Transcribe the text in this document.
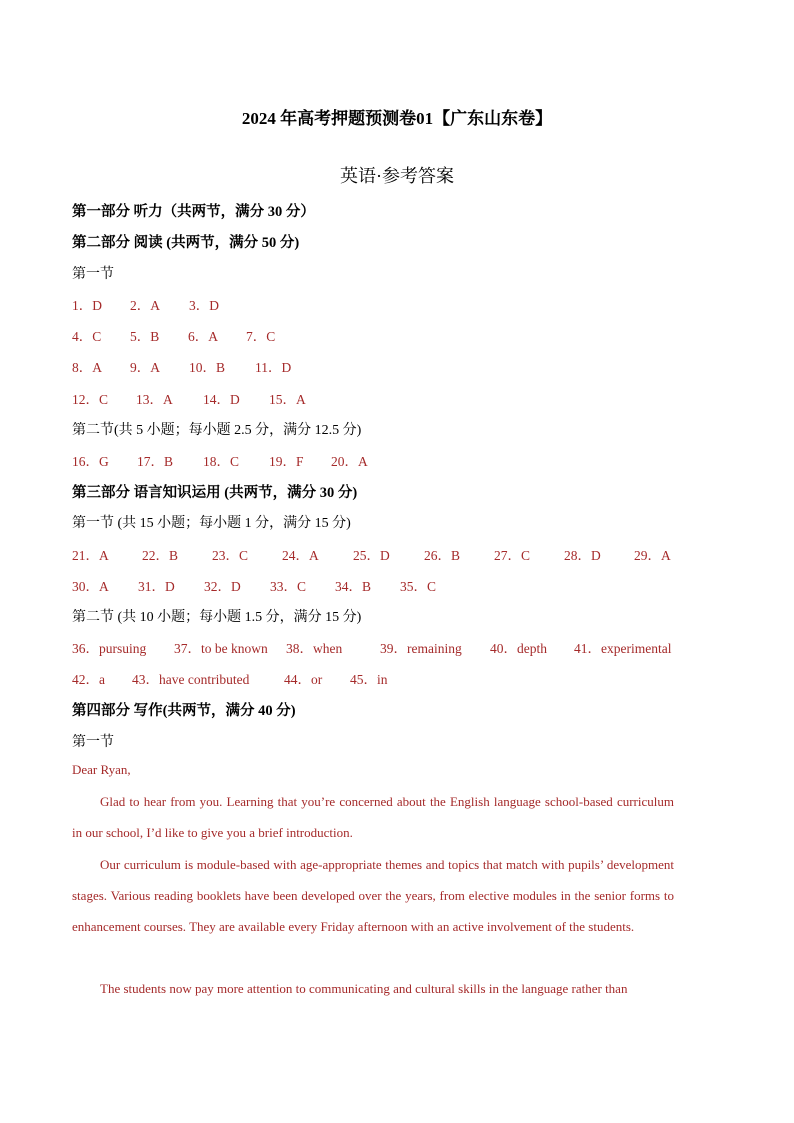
2024 年高考押题预测卷01【广东山东卷】
英语·参考答案
第一部分 听力（共两节，满分 30 分）
第二部分 阅读 (共两节，满分 50 分)
第一节
1．D 2．A 3．D
4．C 5．B 6．A 7．C
8．A 9．A 10．B 11．D
12．C 13．A 14．D 15．A
第二节(共 5 小题；每小题 2.5 分，满分 12.5 分)
16．G 17．B 18．C 19．F 20．A
第三部分 语言知识运用 (共两节，满分 30 分)
第一节 (共 15 小题；每小题 1 分，满分 15 分)
21．A 22．B	23．C	24．A	25．D	26．B	27．C	28．D 29．A
30．A 31．D 32．D 33．C 34．B 35．C
第二节 (共 10 小题；每小题 1.5 分，满分 15 分)
36．pursuing 37．to be known 38．when	39．remaining 40．depth 41．experimental
42．a 43．have contributed	44．or 45．in
第四部分 写作(共两节，满分 40 分)
第一节
Dear Ryan,

Glad to hear from you. Learning that you’re concerned about the English language school-based curriculum in our school, I’d like to give you a brief introduction.

Our curriculum is module-based with age-appropriate themes and topics that match with pupils’ development stages. Various reading booklets have been developed over the years, from elective modules in the senior forms to enhancement courses. They are available every Friday afternoon with an active involvement of the students.

The students now pay more attention to communicating and cultural skills in the language rather than
